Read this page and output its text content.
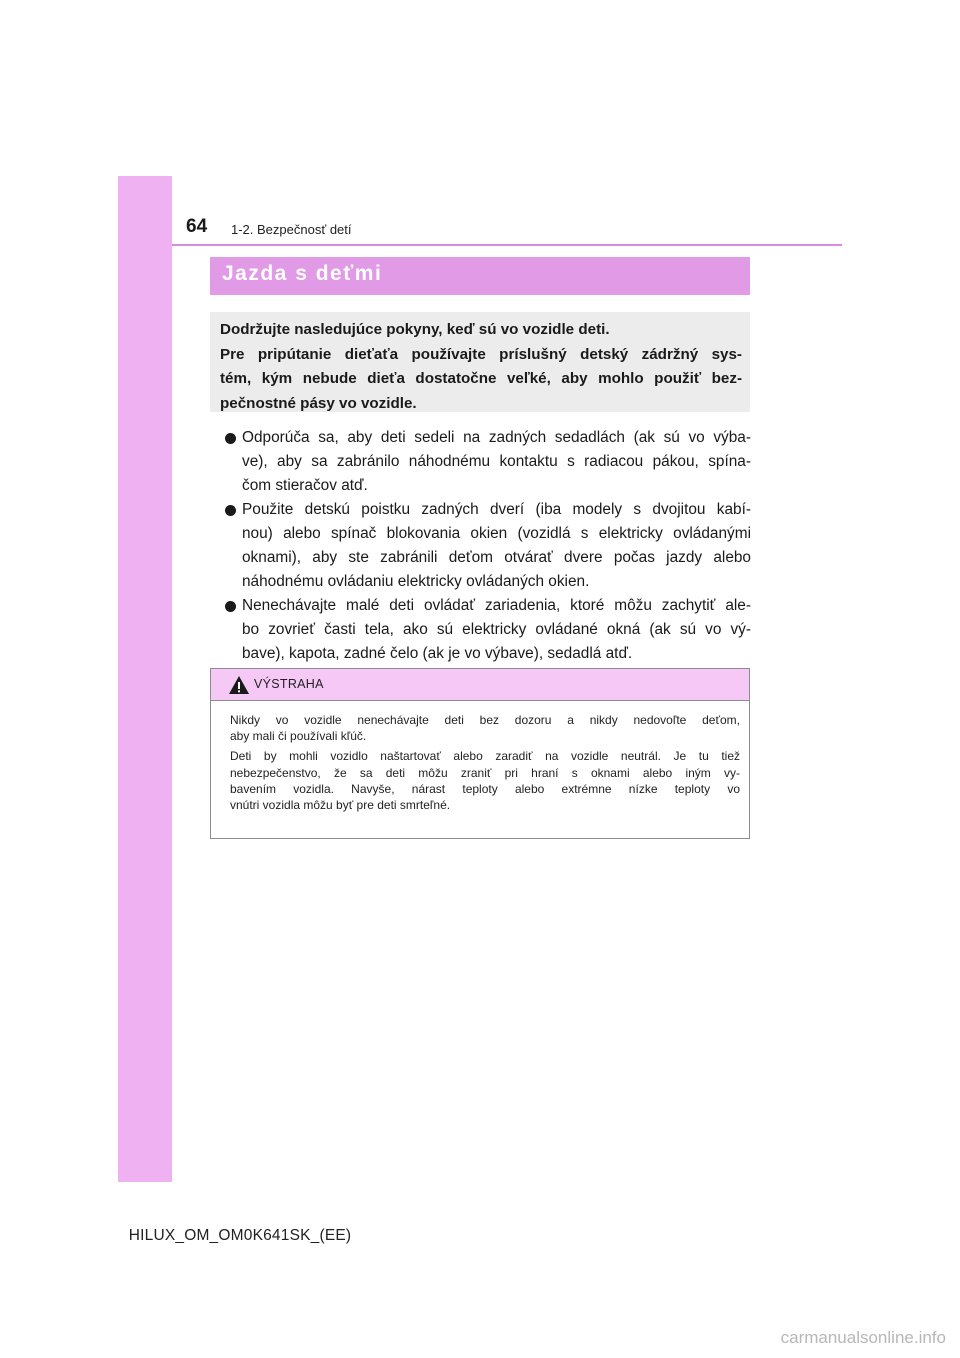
64 1-2. Bezpečnosť detí
Jazda s deťmi
Dodržujte nasledujúce pokyny, keď sú vo vozidle deti.
Pre pripútanie dieťaťa používajte príslušný detský zádržný sys-
tém, kým nebude dieťa dostatočne veľké, aby mohlo použiť bez-
pečnostné pásy vo vozidle.
Odporúča sa, aby deti sedeli na zadných sedadlách (ak sú vo výba-
ve), aby sa zabránilo náhodnému kontaktu s radiacou pákou, spína-
čom stieračov atď.
Použite detskú poistku zadných dverí (iba modely s dvojitou kabí-
nou) alebo spínač blokovania okien (vozidlá s elektricky ovládanými
oknami), aby ste zabránili deťom otvárať dvere počas jazdy alebo
náhodnému ovládaniu elektricky ovládaných okien.
Nenechávajte malé deti ovládať zariadenia, ktoré môžu zachytiť ale-
bo zovrieť časti tela, ako sú elektricky ovládané okná (ak sú vo vý-
bave), kapota, zadné čelo (ak je vo výbave), sedadlá atď.
VÝSTRAHA
Nikdy vo vozidle nenechávajte deti bez dozoru a nikdy nedovoľte deťom,
aby mali či používali kľúč.
Deti by mohli vozidlo naštartovať alebo zaradiť na vozidle neutrál. Je tu tiež
nebezpečenstvo, že sa deti môžu zraniť pri hraní s oknami alebo iným vy-
bavením vozidla. Navyše, nárast teploty alebo extrémne nízke teploty vo
vnútri vozidla môžu byť pre deti smrteľné.
HILUX_OM_OM0K641SK_(EE)
carmanualsonline.info
